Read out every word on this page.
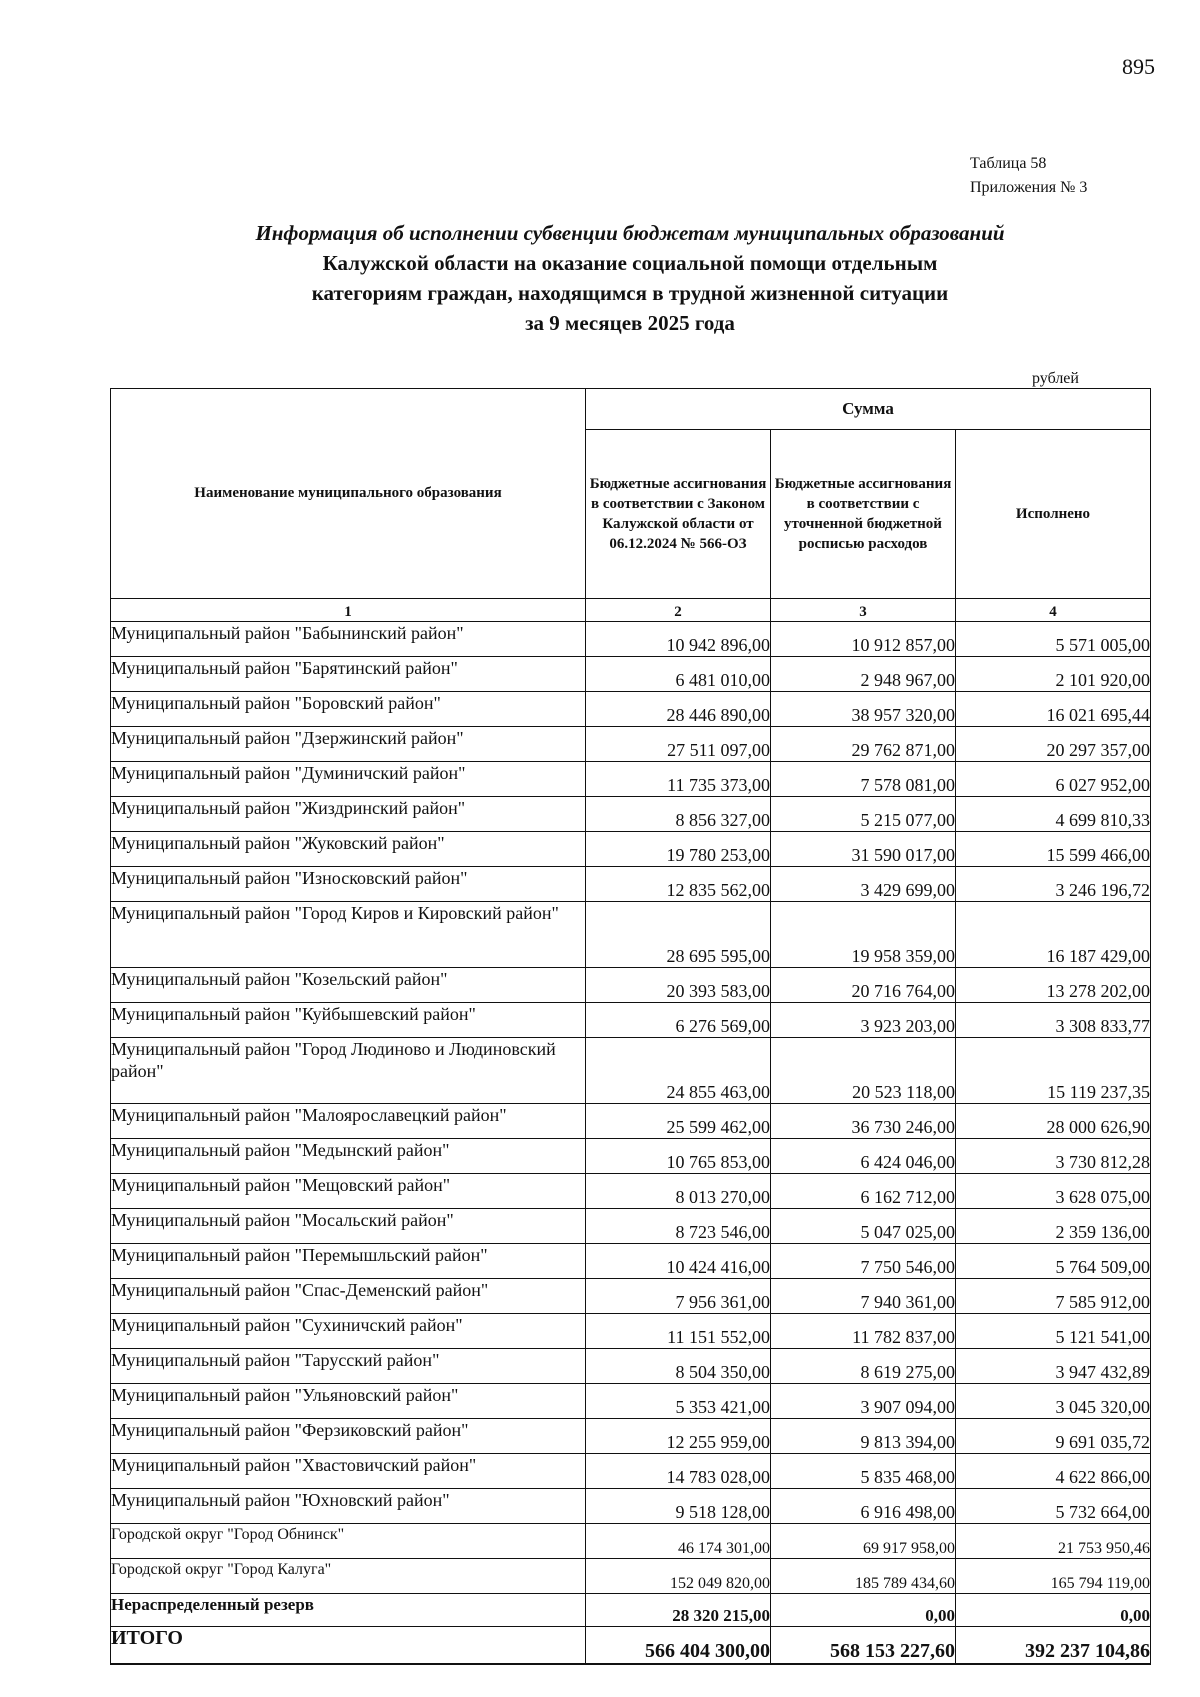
895
Таблица 58
Приложения № 3
Информация об исполнении субвенции бюджетам муниципальных образований
Калужской области на оказание социальной помощи отдельным
категориям граждан, находящимся в трудной жизненной ситуации
за 9 месяцев 2025 года
рублей
Наименование муниципального образования	Сумма		
	Бюджетные ассигнования в соответствии с Законом Калужской области от 06.12.2024 № 566-ОЗ	Бюджетные ассигнования в соответствии с уточненной бюджетной росписью расходов	Исполнено
1	2	3	4
Муниципальный район "Бабынинский район"	10 942 896,00	10 912 857,00	5 571 005,00
Муниципальный район "Барятинский район"	6 481 010,00	2 948 967,00	2 101 920,00
Муниципальный район "Боровский район"	28 446 890,00	38 957 320,00	16 021 695,44
Муниципальный район "Дзержинский район"	27 511 097,00	29 762 871,00	20 297 357,00
Муниципальный район "Думиничский район"	11 735 373,00	7 578 081,00	6 027 952,00
Муниципальный район "Жиздринский район"	8 856 327,00	5 215 077,00	4 699 810,33
Муниципальный район "Жуковский район"	19 780 253,00	31 590 017,00	15 599 466,00
Муниципальный район "Износковский район"	12 835 562,00	3 429 699,00	3 246 196,72
Муниципальный район "Город Киров и Кировский район"	28 695 595,00	19 958 359,00	16 187 429,00
Муниципальный район "Козельский район"	20 393 583,00	20 716 764,00	13 278 202,00
Муниципальный район "Куйбышевский район"	6 276 569,00	3 923 203,00	3 308 833,77
Муниципальный район "Город Людиново и Людиновский район"	24 855 463,00	20 523 118,00	15 119 237,35
Муниципальный район "Малоярославецкий район"	25 599 462,00	36 730 246,00	28 000 626,90
Муниципальный район "Медынский район"	10 765 853,00	6 424 046,00	3 730 812,28
Муниципальный район "Мещовский район"	8 013 270,00	6 162 712,00	3 628 075,00
Муниципальный район "Мосальский район"	8 723 546,00	5 047 025,00	2 359 136,00
Муниципальный район "Перемышльский район"	10 424 416,00	7 750 546,00	5 764 509,00
Муниципальный район "Спас-Деменский район"	7 956 361,00	7 940 361,00	7 585 912,00
Муниципальный район "Сухиничский район"	11 151 552,00	11 782 837,00	5 121 541,00
Муниципальный район "Тарусский район"	8 504 350,00	8 619 275,00	3 947 432,89
Муниципальный район "Ульяновский район"	5 353 421,00	3 907 094,00	3 045 320,00
Муниципальный район "Ферзиковский район"	12 255 959,00	9 813 394,00	9 691 035,72
Муниципальный район "Хвастовичский район"	14 783 028,00	5 835 468,00	4 622 866,00
Муниципальный район "Юхновский район"	9 518 128,00	6 916 498,00	5 732 664,00
Городской округ "Город Обнинск"	46 174 301,00	69 917 958,00	21 753 950,46
Городской округ "Город Калуга"	152 049 820,00	185 789 434,60	165 794 119,00
Нераспределенный резерв	28 320 215,00	0,00	0,00
ИТОГО	566 404 300,00	568 153 227,60	392 237 104,86
